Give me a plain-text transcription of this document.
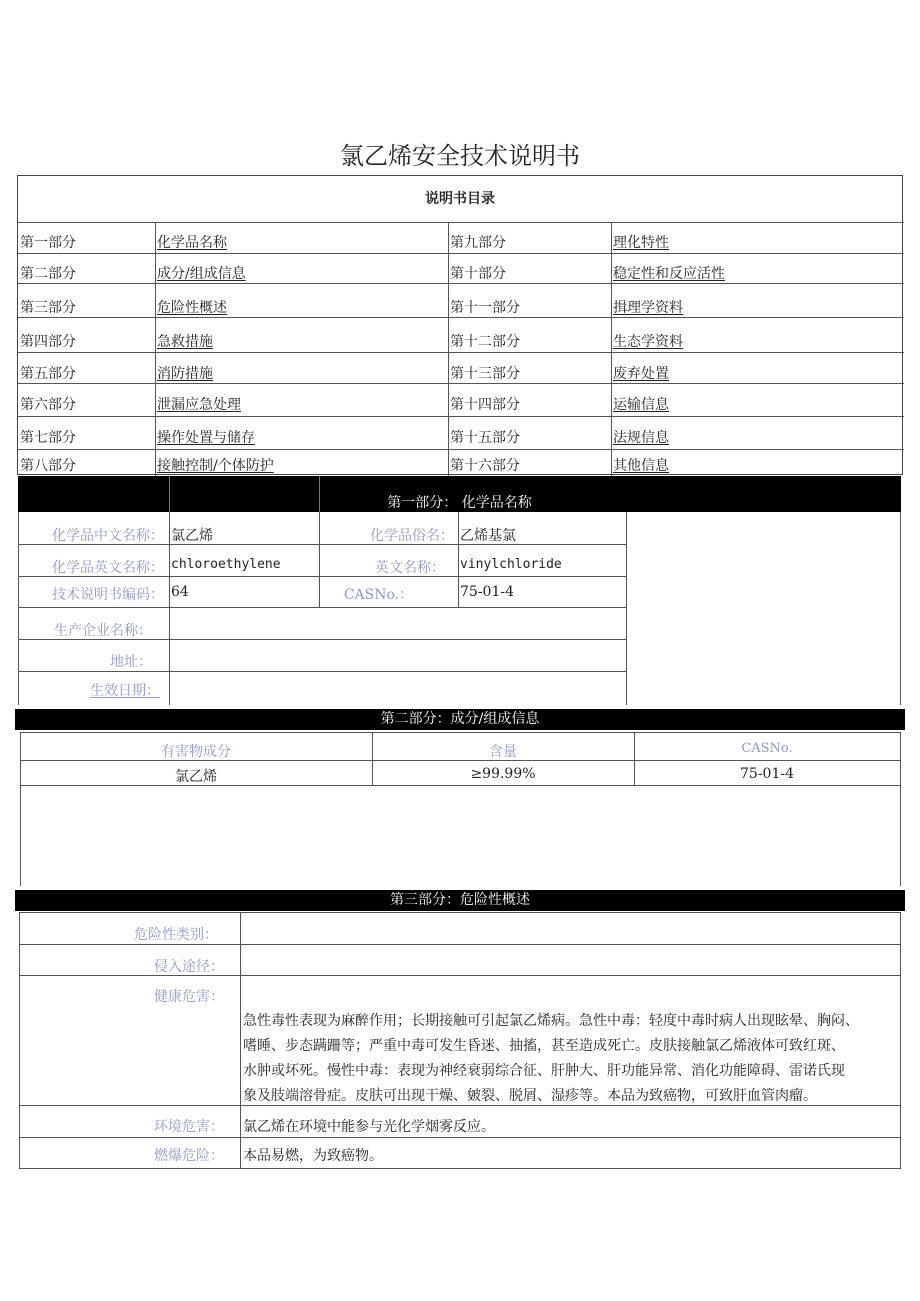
氯乙烯安全技术说明书
说明书目录
第一部分	化学品名称	第九部分	理化特性
第二部分	成分/组成信息	第十部分	稳定性和反应活性
第三部分	危险性概述	第十一部分	揖理学资料
第四部分	急救措施	第十二部分	生态学资料
第五部分	消防措施	第十三部分	废弃处置
第六部分	泄漏应急处理	第十四部分	运输信息
第七部分	操作处置与储存	第十五部分	法规信息
第八部分	接触控制/个体防护	第十六部分	其他信息
第一部分： 化学品名称
化学品中文名称： 氯乙烯	化学品俗名： 乙烯基氯
化学品英文名称： chloroethylene	英文名称： vinylchloride
技术说明书编码： 64	CASNo.：	75-01-4
生产企业名称：
地址：
生效日期：
第二部分：成分/组成信息
有害物成分	含量	CASNo.
氯乙烯	≥99.99%	75-01-4
第三部分：危险性概述
危险性类别：
侵入途径：
健康危害：
急性毒性表现为麻醉作用；长期接触可引起氯乙烯病。急性中毒：轻度中毒时病人出现眩晕、胸闷、
嗜睡、步态蹒跚等；严重中毒可发生昏迷、抽搐，甚至造成死亡。皮肤接触氯乙烯液体可致红斑、
水肿或坏死。慢性中毒：表现为神经衰弱综合征、肝肿大、肝功能异常、消化功能障碍、雷诺氏现
象及肢端溶骨症。皮肤可出现干燥、皴裂、脱屑、湿疹等。本品为致癌物，可致肝血管肉瘤。
环境危害： 氯乙烯在环境中能参与光化学烟雾反应。
燃爆危险： 本品易燃，为致癌物。
